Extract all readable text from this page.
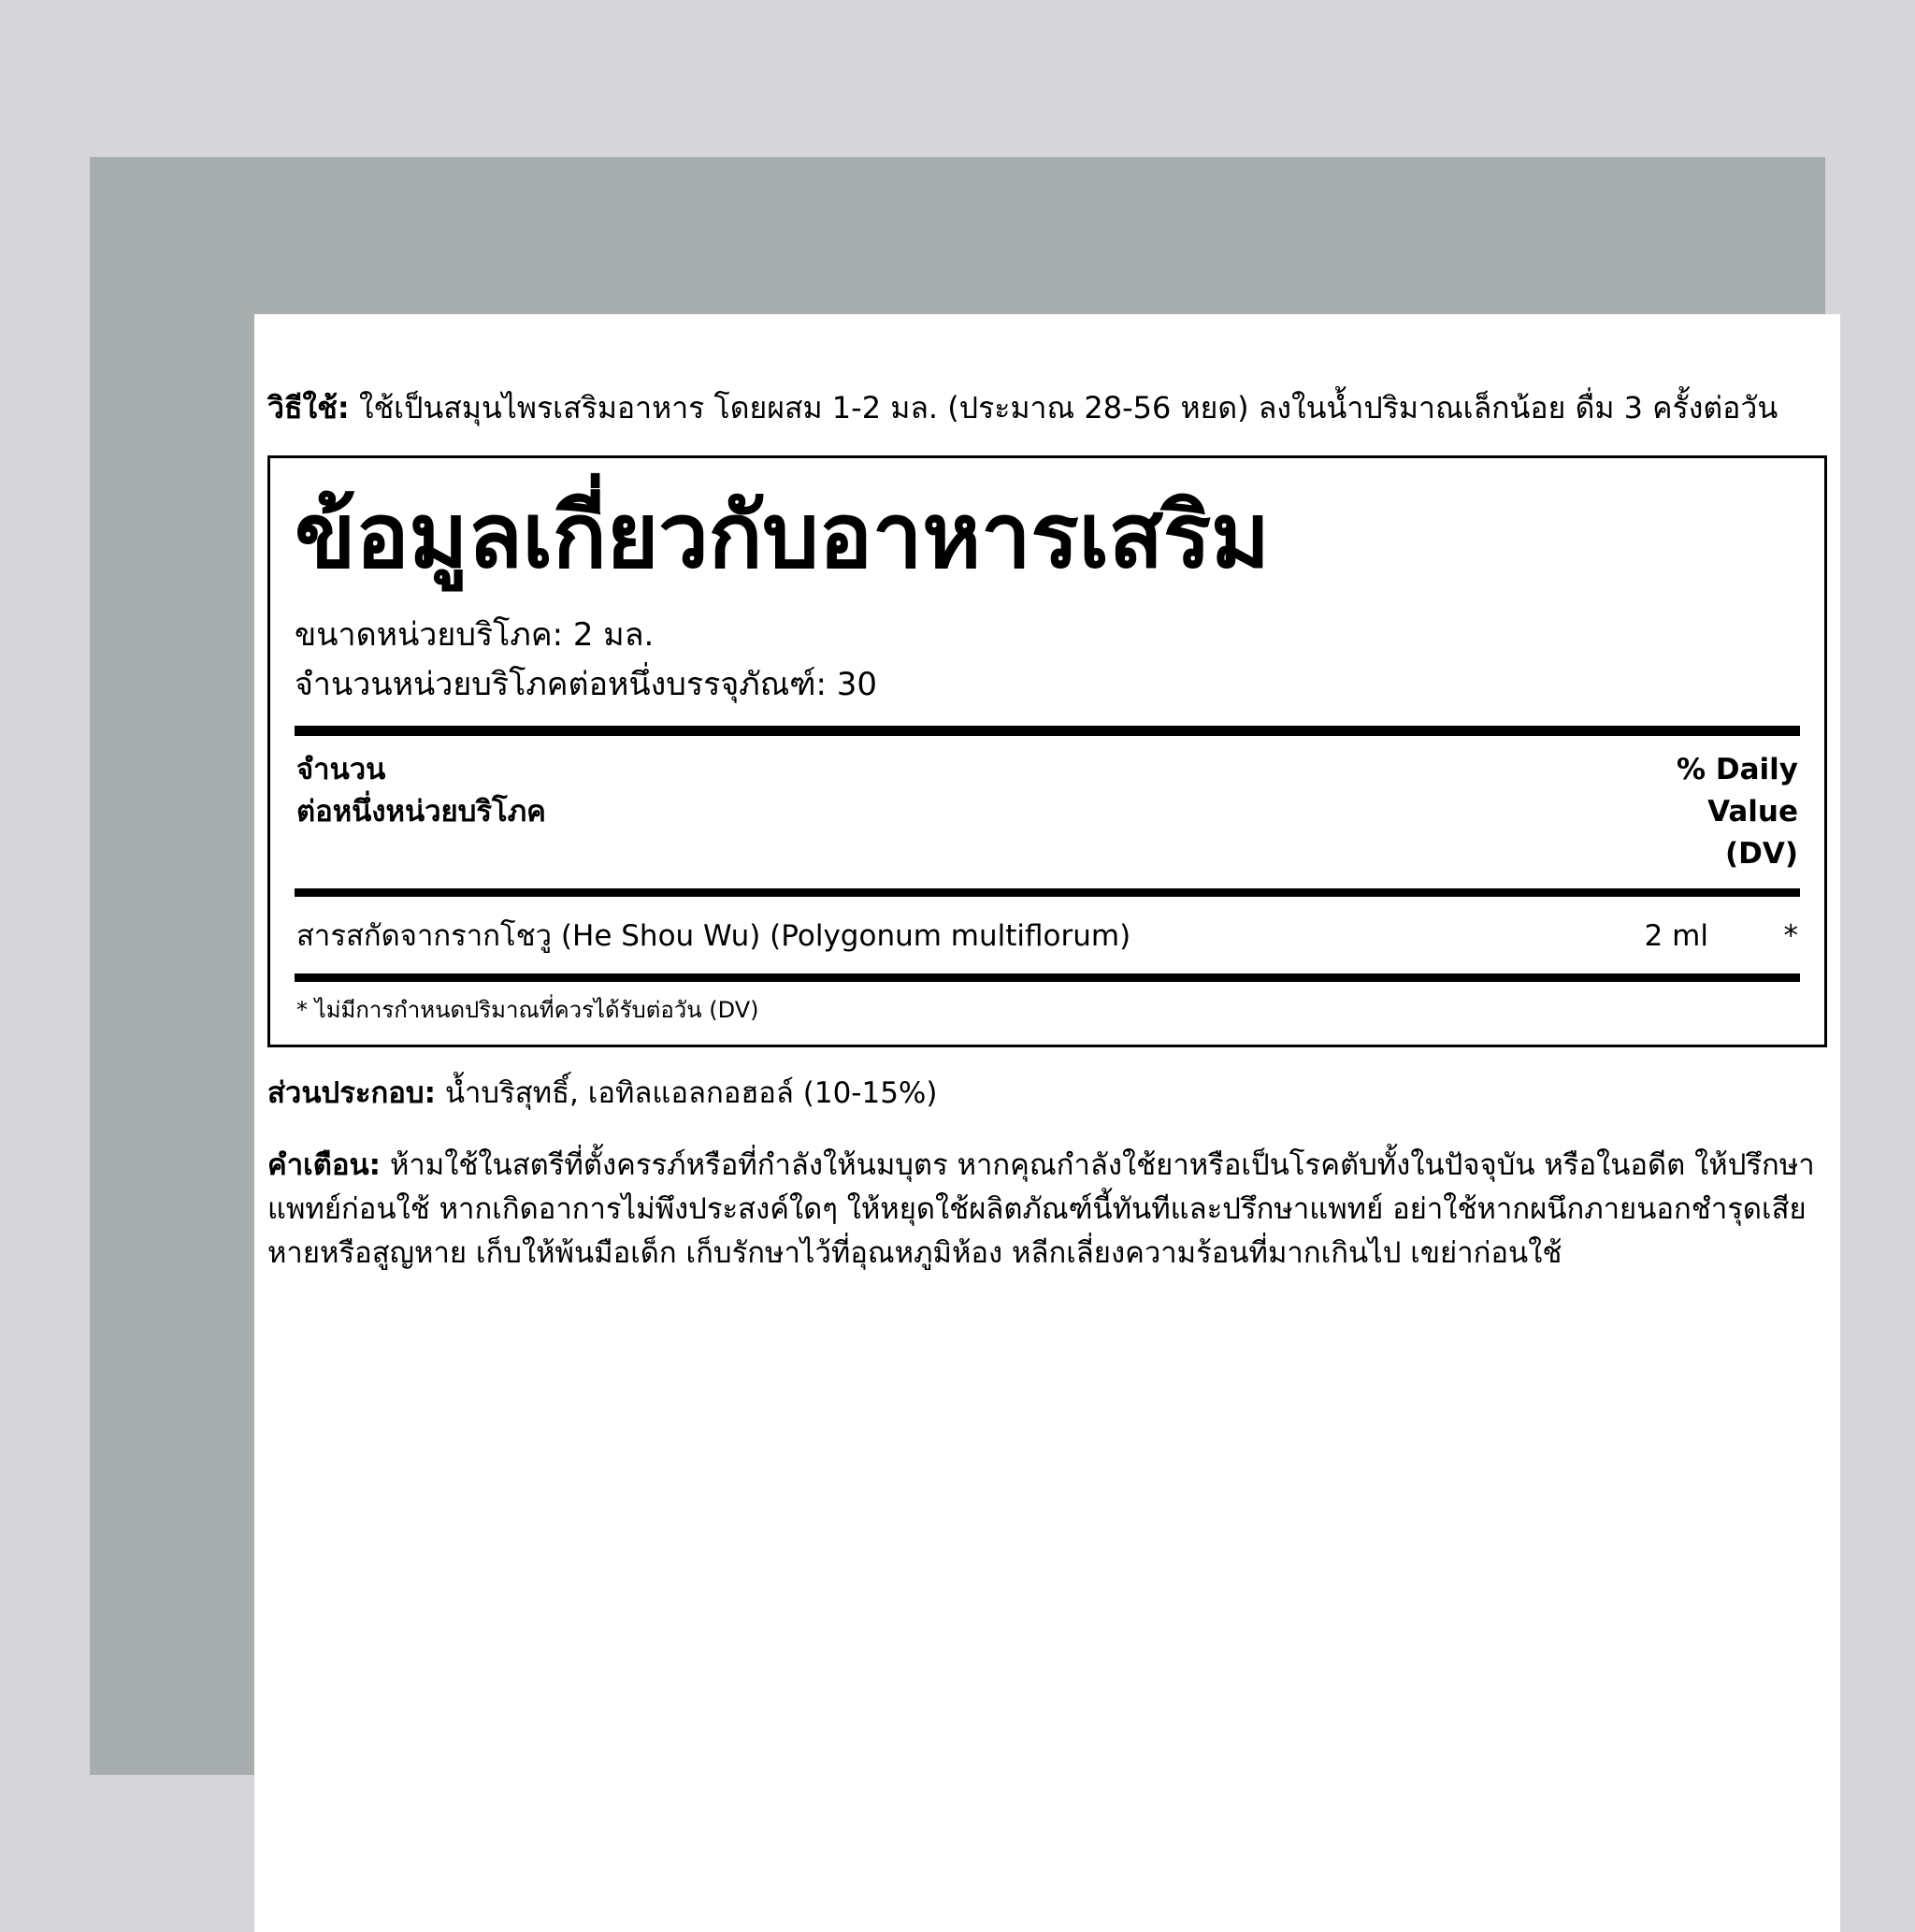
วิธีใช้: ใช้เป็นสมุนไพรเสริมอาหาร โดยผสม 1-2 มล. (ประมาณ 28-56 หยด) ลงในน้ำปริมาณเล็กน้อย ดื่ม 3 ครั้งต่อวัน

ข้อมูลเกี่ยวกับอาหารเสริม
ขนาดหน่วยบริโภค: 2 มล.
จำนวนหน่วยบริโภคต่อหนึ่งบรรจุภัณฑ์: 30
จำนวน
ต่อหนึ่งหน่วยบริโภค
% Daily
Value
(DV)
สารสกัดจากรากโชวู (He Shou Wu) (Polygonum multiflorum)	2 ml	*
* ไม่มีการกำหนดปริมาณที่ควรได้รับต่อวัน (DV)

ส่วนประกอบ: น้ำบริสุทธิ์, เอทิลแอลกอฮอล์ (10-15%)

คำเตือน: ห้ามใช้ในสตรีที่ตั้งครรภ์หรือที่กำลังให้นมบุตร หากคุณกำลังใช้ยาหรือเป็นโรคตับทั้งในปัจจุบัน หรือในอดีต ให้ปรึกษาแพทย์ก่อนใช้ หากเกิดอาการไม่พึงประสงค์ใดๆ ให้หยุดใช้ผลิตภัณฑ์นี้ทันทีและปรึกษาแพทย์ อย่าใช้หากผนึกภายนอกชำรุดเสียหายหรือสูญหาย เก็บให้พ้นมือเด็ก เก็บรักษาไว้ที่อุณหภูมิห้อง หลีกเลี่ยงความร้อนที่มากเกินไป เขย่าก่อนใช้
